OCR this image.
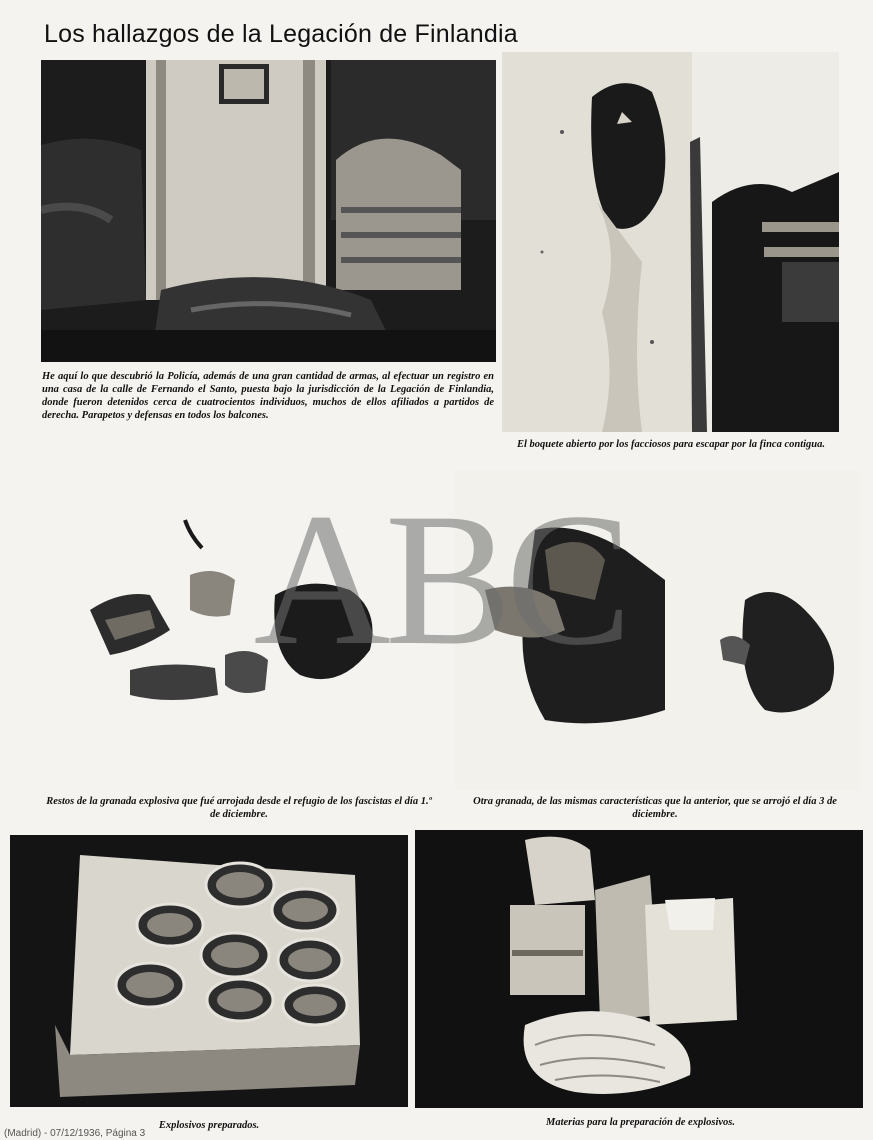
Los hallazgos de la Legación de Finlandia
He aquí lo que descubrió la Policía, además de una gran cantidad de armas, al efectuar un registro en una casa de la calle de Fernando el Santo, puesta bajo la jurisdicción de la Legación de Finlandia, donde fueron detenidos cerca de cuatrocientos individuos, muchos de ellos afiliados a partidos de derecha. Parapetos y defensas en todos los balcones.
El boquete abierto por los facciosos para escapar por la finca contigua.
Restos de la granada explosiva que fué arrojada desde el refugio de los fascistas el día 1.º de diciembre.
Otra granada, de las mismas características que la anterior, que se arrojó el día 3 de diciembre.
Explosivos preparados.	Materias para la preparación de explosivos.
ABC
(Madrid) - 07/12/1936, Página 3
